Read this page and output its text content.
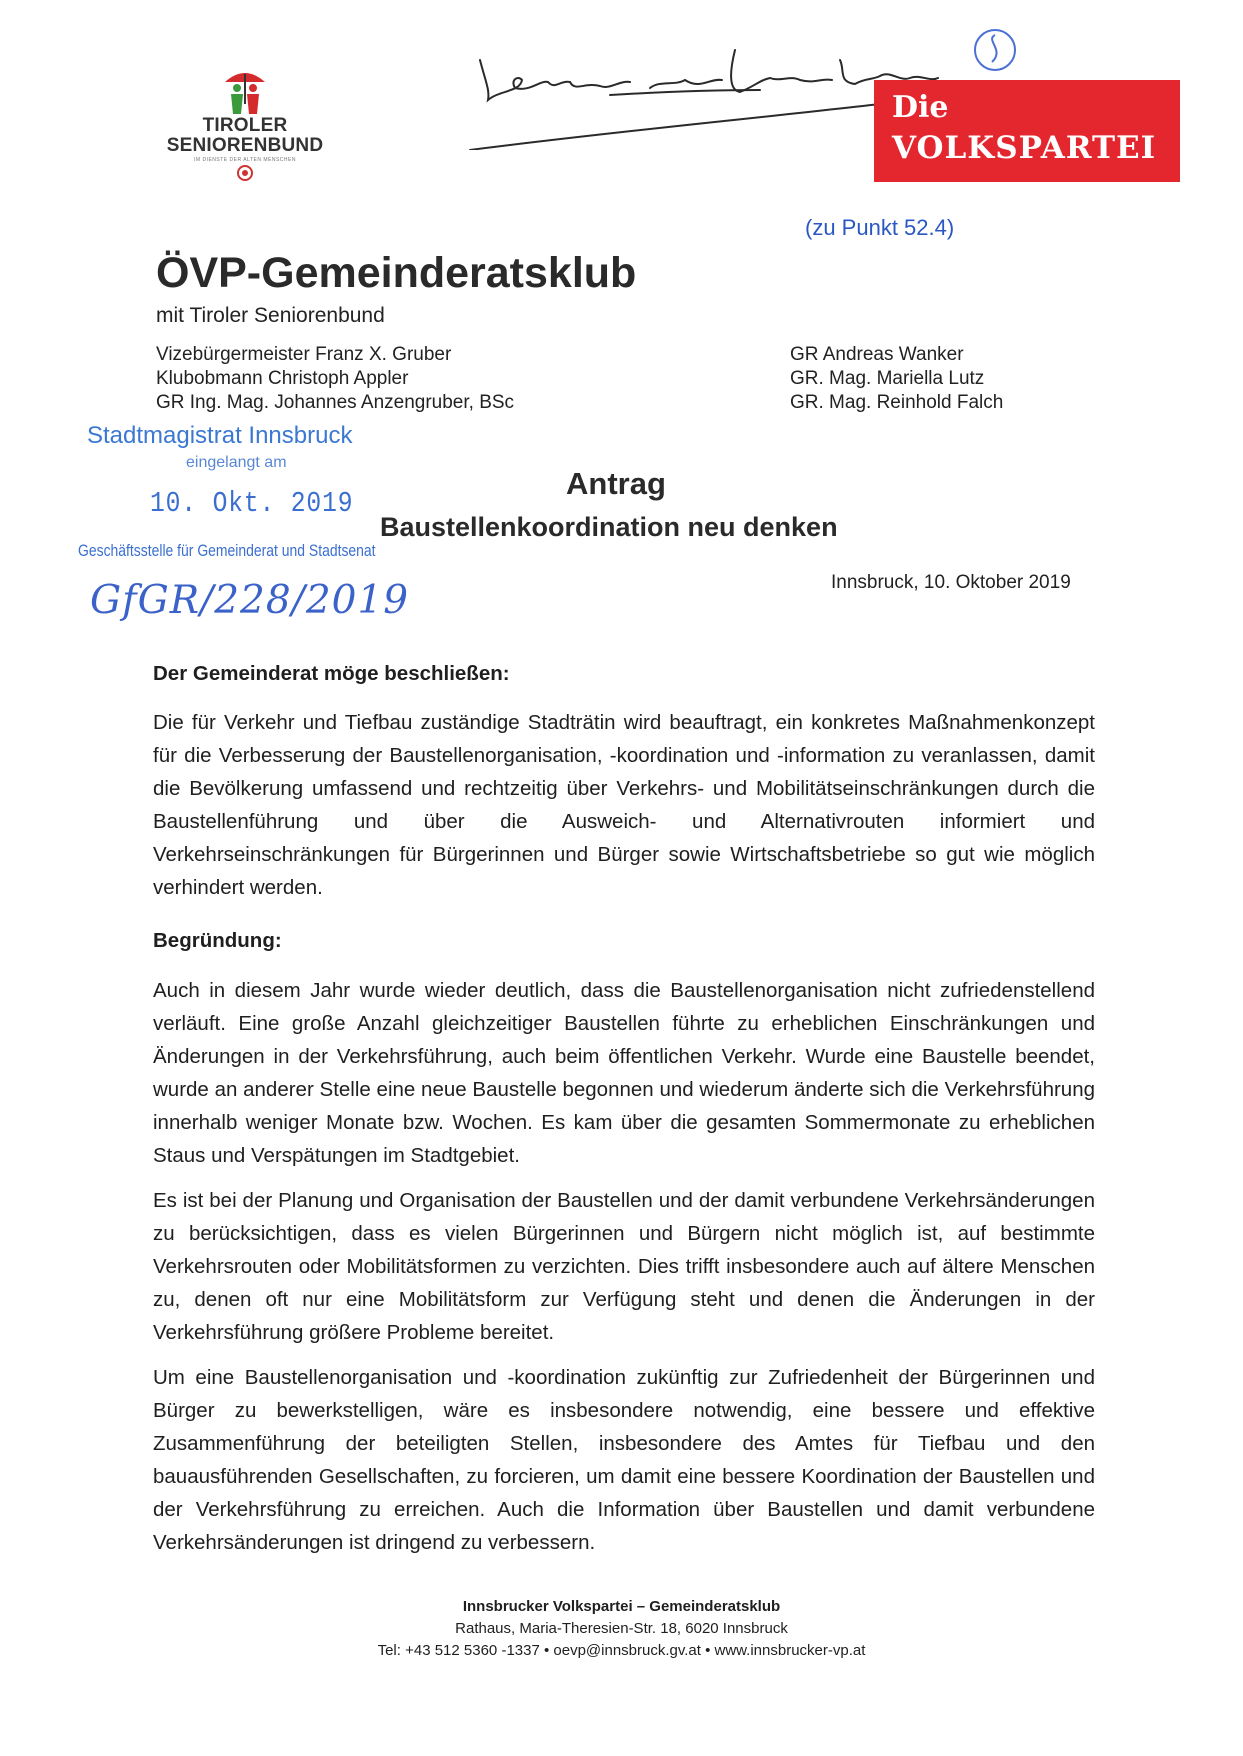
TIROLER
SENIORENBUND
IM DIENSTE DER ALTEN MENSCHEN
Die
VOLKSPARTEI
(zu Punkt 52.4)
ÖVP-Gemeinderatsklub
mit Tiroler Seniorenbund
Vizebürgermeister Franz X. Gruber
Klubobmann Christoph Appler
GR Ing. Mag. Johannes Anzengruber, BSc
GR Andreas Wanker
GR. Mag. Mariella Lutz
GR. Mag. Reinhold Falch
Stadtmagistrat Innsbruck
eingelangt am
10. Okt. 2019
Geschäftsstelle für Gemeinderat und Stadtsenat
GfGR/228/2019
Antrag
Baustellenkoordination neu denken
Innsbruck, 10. Oktober 2019
Der Gemeinderat möge beschließen:
Die für Verkehr und Tiefbau zuständige Stadträtin wird beauftragt, ein konkretes Maßnahmenkonzept für die Verbesserung der Baustellenorganisation, -koordination und -information zu veranlassen, damit die Bevölkerung umfassend und rechtzeitig über Verkehrs- und Mobilitätseinschränkungen durch die Baustellenführung und über die Ausweich- und Alternativrouten informiert und Verkehrseinschränkungen für Bürgerinnen und Bürger sowie Wirtschaftsbetriebe so gut wie möglich verhindert werden.
Begründung:
Auch in diesem Jahr wurde wieder deutlich, dass die Baustellenorganisation nicht zufriedenstellend verläuft. Eine große Anzahl gleichzeitiger Baustellen führte zu erheblichen Einschränkungen und Änderungen in der Verkehrsführung, auch beim öffentlichen Verkehr. Wurde eine Baustelle beendet, wurde an anderer Stelle eine neue Baustelle begonnen und wiederum änderte sich die Verkehrsführung innerhalb weniger Monate bzw. Wochen. Es kam über die gesamten Sommermonate zu erheblichen Staus und Verspätungen im Stadtgebiet.
Es ist bei der Planung und Organisation der Baustellen und der damit verbundene Verkehrsänderungen zu berücksichtigen, dass es vielen Bürgerinnen und Bürgern nicht möglich ist, auf bestimmte Verkehrsrouten oder Mobilitätsformen zu verzichten. Dies trifft insbesondere auch auf ältere Menschen zu, denen oft nur eine Mobilitätsform zur Verfügung steht und denen die Änderungen in der Verkehrsführung größere Probleme bereitet.
Um eine Baustellenorganisation und -koordination zukünftig zur Zufriedenheit der Bürgerinnen und Bürger zu bewerkstelligen, wäre es insbesondere notwendig, eine bessere und effektive Zusammenführung der beteiligten Stellen, insbesondere des Amtes für Tiefbau und den bauausführenden Gesellschaften, zu forcieren, um damit eine bessere Koordination der Baustellen und der Verkehrsführung zu erreichen. Auch die Information über Baustellen und damit verbundene Verkehrsänderungen ist dringend zu verbessern.
Innsbrucker Volkspartei – Gemeinderatsklub
Rathaus, Maria-Theresien-Str. 18, 6020 Innsbruck
Tel: +43 512 5360 -1337 • oevp@innsbruck.gv.at • www.innsbrucker-vp.at
